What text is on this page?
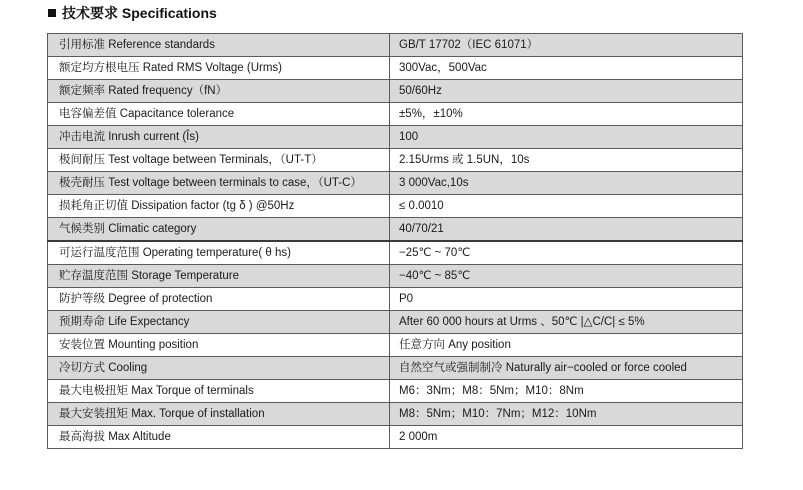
技术要求 Specifications
引用标准 Reference standards	GB/T 17702（IEC 61071）
额定均方根电压 Rated RMS Voltage (Urms)	300Vac，500Vac
额定频率 Rated frequency（fN）	50/60Hz
电容偏差值 Capacitance tolerance	±5%，±10%
冲击电流 Inrush current (Îs)	100
极间耐压 Test voltage between Terminals，（UT-T）	2.15Urms 或 1.5UN，10s
极壳耐压 Test voltage between terminals to case，（UT-C）	3 000Vac,10s
损耗角正切值 Dissipation factor (tg δ ) @50Hz	≤ 0.0010
气候类别 Climatic category	40/70/21
可运行温度范围 Operating temperature( θ hs)	−25℃ ~ 70℃
贮存温度范围 Storage Temperature	−40℃ ~ 85℃
防护等级 Degree of protection	P0
预期寿命 Life Expectancy	After 60 000 hours at Urms 、50℃ |△C/C| ≤ 5%
安装位置 Mounting position	任意方向 Any position
冷切方式 Cooling	自然空气或强制制冷 Naturally air−cooled or force cooled
最大电极扭矩 Max Torque of terminals	M6：3Nm；M8：5Nm；M10：8Nm
最大安装扭矩 Max. Torque of installation	M8：5Nm；M10：7Nm；M12：10Nm
最高海拔 Max Altitude	2 000m
